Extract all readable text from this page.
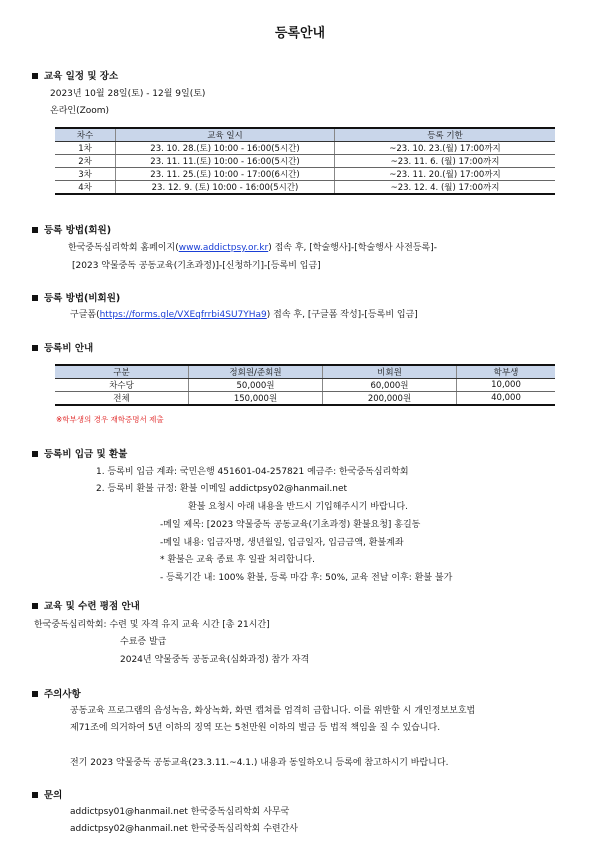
등록안내
교육 일정 및 장소
2023년 10월 28일(토) - 12월 9일(토)
온라인(Zoom)
차수	교육 일시	등록 기한
1차	23. 10. 28.(토) 10:00 - 16:00(5시간)	~23. 10. 23.(월) 17:00까지
2차	23. 11. 11.(토) 10:00 - 16:00(5시간)	~23. 11. 6. (월) 17:00까지
3차	23. 11. 25.(토) 10:00 - 17:00(6시간)	~23. 11. 20.(월) 17:00까지
4차	23. 12. 9. (토) 10:00 - 16:00(5시간)	~23. 12. 4. (월) 17:00까지
등록 방법(회원)
한국중독심리학회 홈페이지(www.addictpsy.or.kr) 접속 후, [학술행사]-[학술행사 사전등록]-
[2023 약물중독 공동교육(기초과정)]-[신청하기]-[등록비 입금]
등록 방법(비회원)
구글폼(https://forms.gle/VXEqfrrbi4SU7YHa9) 접속 후, [구글폼 작성]-[등록비 입금]
등록비 안내
구분	정회원/준회원	비회원	학부생
차수당	50,000원	60,000원	10,000
전체	150,000원	200,000원	40,000
※학부생의 경우 재학증명서 제출
등록비 입금 및 환불
1. 등록비 입금 계좌: 국민은행 451601-04-257821 예금주: 한국중독심리학회
2. 등록비 환불 규정: 환불 이메일 addictpsy02@hanmail.net
환불 요청시 아래 내용을 반드시 기입해주시기 바랍니다.
-메일 제목: [2023 약물중독 공동교육(기초과정) 환불요청] 홍길동
-메일 내용: 입금자명, 생년월일, 입금일자, 입금금액, 환불계좌
* 환불은 교육 종료 후 일괄 처리합니다.
- 등록기간 내: 100% 환불, 등록 마감 후: 50%, 교육 전날 이후: 환불 불가
교육 및 수련 평점 안내
한국중독심리학회: 수련 및 자격 유지 교육 시간 [총 21시간]
수료증 발급
2024년 약물중독 공동교육(심화과정) 참가 자격
주의사항
공동교육 프로그램의 음성녹음, 화상녹화, 화면 캡쳐를 엄격히 금합니다. 이를 위반할 시 개인정보보호법
제71조에 의거하여 5년 이하의 징역 또는 5천만원 이하의 벌금 등 법적 책임을 질 수 있습니다.
전기 2023 약물중독 공동교육(23.3.11.~4.1.) 내용과 동일하오니 등록에 참고하시기 바랍니다.
문의
addictpsy01@hanmail.net 한국중독심리학회 사무국
addictpsy02@hanmail.net 한국중독심리학회 수련간사
